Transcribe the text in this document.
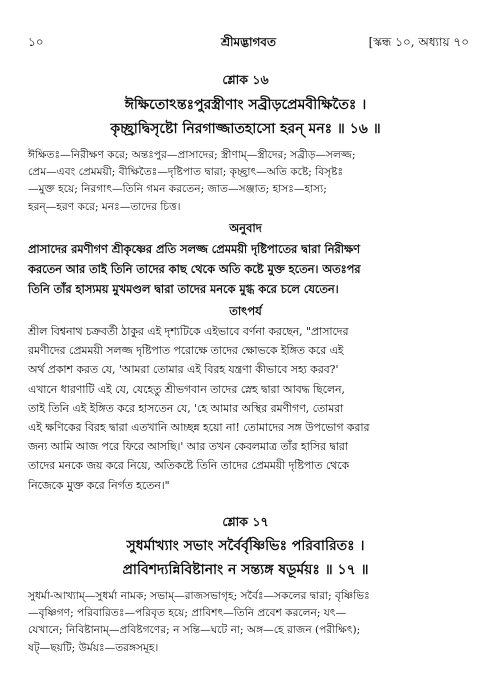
১০	শ্রীমদ্ভাগবত	[স্কন্ধ ১০, অধ্যায় ৭০
শ্লোক ১৬
ঈক্ষিতোঽন্তঃপুরস্ত্রীণাং সব্রীড়প্রেমবীক্ষিতৈঃ ।
কৃচ্ছ্রাদ্বিসৃষ্টো নিরগাজ্জাতহাসো হরন্ মনঃ ॥ ১৬ ॥
ঈক্ষিতঃ—নিরীক্ষণ করে; অন্তঃপুর—প্রাসাদের; স্ত্রীণাম্—স্ত্রীদের; সব্রীড়—সলজ্জ;
প্রেম—এবং প্রেমময়ী; বীক্ষিতৈঃ—দৃষ্টিপাত দ্বারা; কৃচ্ছ্রাৎ—অতি কষ্টে; বিসৃষ্টঃ
—মুক্ত হয়ে; নিরগাৎ—তিনি গমন করতেন; জাত—সঞ্জাত; হাসঃ—হাস্য;
হরন্—হরণ করে; মনঃ—তাদের চিত্ত।
অনুবাদ
প্রাসাদের রমণীগণ শ্রীকৃষ্ণের প্রতি সলজ্জ প্রেমময়ী দৃষ্টিপাতের দ্বারা নিরীক্ষণ
করতেন আর তাই তিনি তাদের কাছ থেকে অতি কষ্টে মুক্ত হতেন। অতঃপর
তিনি তাঁর হাস্যময় মুখমণ্ডল দ্বারা তাদের মনকে মুগ্ধ করে চলে যেতেন।
তাৎপর্য
শ্রীল বিশ্বনাথ চক্রবর্তী ঠাকুর এই দৃশ্যটিকে এইভাবে বর্ণনা করছেন, "প্রাসাদের
রমণীদের প্রেমময়ী সলজ্জ দৃষ্টিপাত পরোক্ষে তাদের ক্ষোভকে ইঙ্গিত করে এই
অর্থ প্রকাশ করত যে, 'আমরা তোমার এই বিরহ যন্ত্রণা কীভাবে সহ্য করব?'
এখানে ধারণাটি এই যে, যেহেতু শ্রীভগবান তাদের স্নেহ দ্বারা আবদ্ধ ছিলেন,
তাই তিনি এই ইঙ্গিত করে হাসতেন যে, 'হে আমার অস্থির রমণীগণ, তোমরা
এই ক্ষণিকের বিরহ দ্বারা এতখানি আচ্ছন্ন হয়ো না! তোমাদের সঙ্গ উপভোগ করার
জন্য আমি আজ পরে ফিরে আসছি।' আর তখন কেবলমাত্র তাঁর হাসির দ্বারা
তাদের মনকে জয় করে নিয়ে, অতিকষ্টে তিনি তাদের প্রেমময়ী দৃষ্টিপাত থেকে
নিজেকে মুক্ত করে নির্গত হতেন।"
শ্লোক ১৭
সুধর্মাখ্যাং সভাং সর্বৈর্বৃষ্ণিভিঃ পরিবারিতঃ ।
প্রাবিশদ্যন্নিবিষ্টানাং ন সন্ত্যঙ্গ ষডূর্ময়ঃ ॥ ১৭ ॥
সুধর্মা-আখ্যাম্—সুধর্মা নামক; সভাম্—রাজসভাগৃহ; সর্বৈঃ—সকলের দ্বারা; বৃষ্ণিভিঃ
—বৃষ্ণিগণ; পরিবারিতঃ—পরিবৃত হয়ে; প্রাবিশৎ—তিনি প্রবেশ করলেন; যৎ—
যেখানে; নিবিষ্টানাম্—প্রবিষ্টগণের; ন সন্তি—ঘটে না; অঙ্গ—হে রাজন (পরীক্ষিৎ);
ষট্—ছয়টি; উর্ময়ঃ—তরঙ্গসমূহ।
